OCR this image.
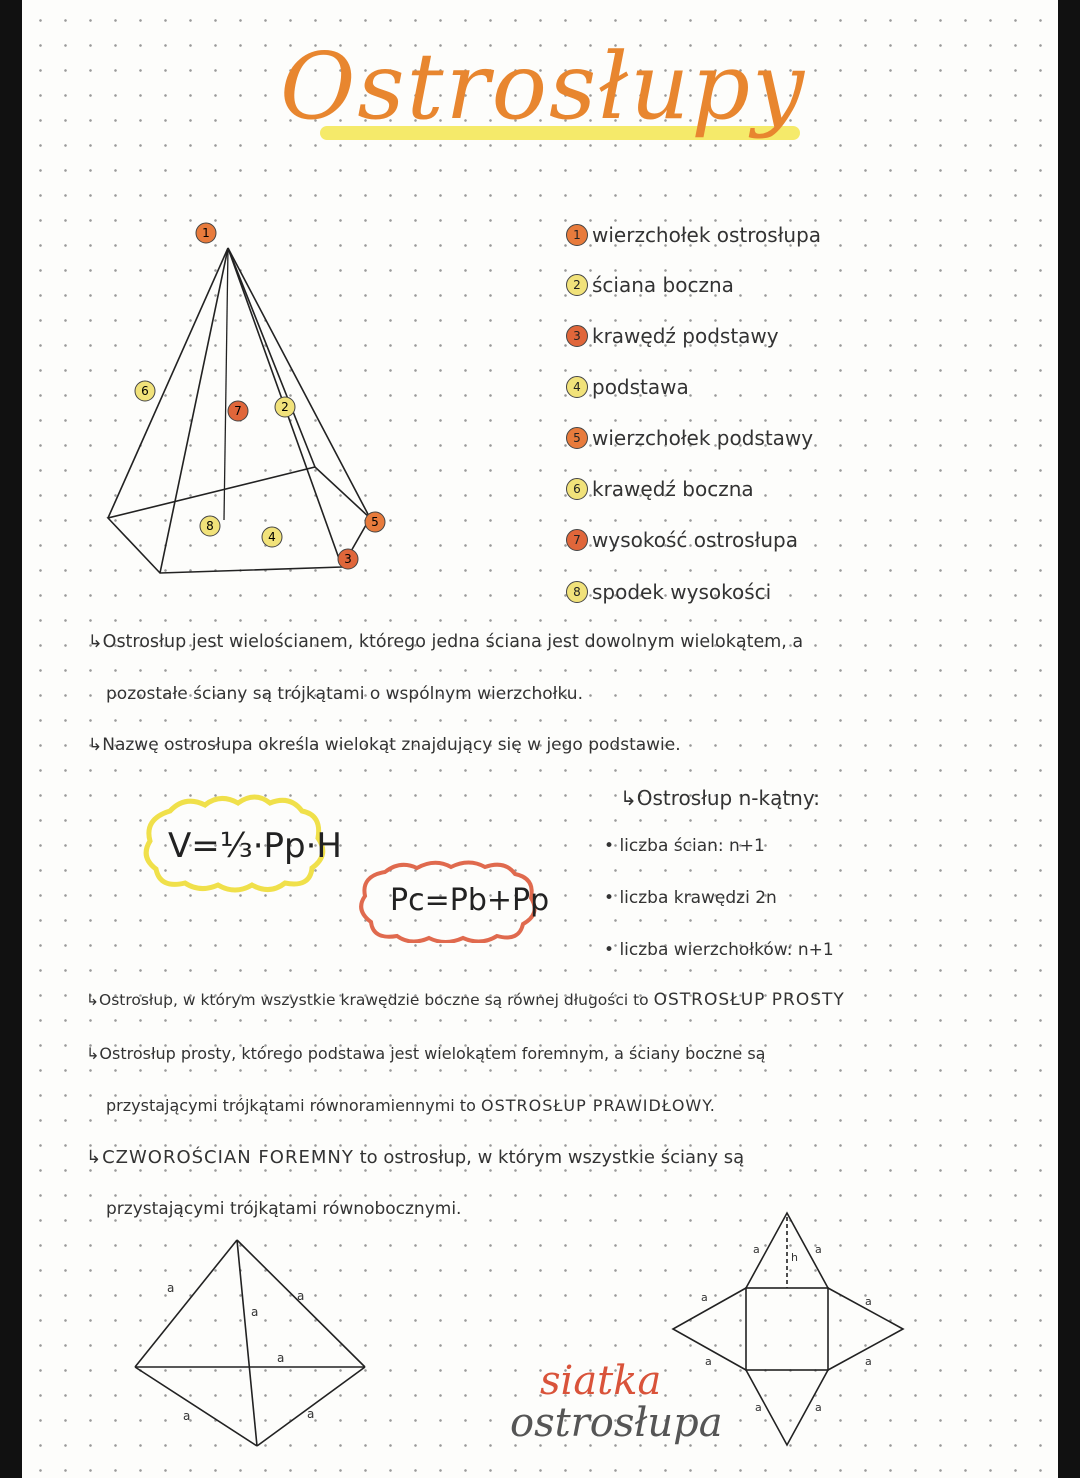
Ostrosłupy
1
2
3
4
5
6
7
8
1 wierzchołek ostrosłupa
2 ściana boczna
3 krawędź podstawy
4 podstawa
5 wierzchołek podstawy
6 krawędź boczna
7 wysokość ostrosłupa
8 spodek wysokości
↳Ostrosłup jest wielościanem, którego jedna ściana jest dowolnym wielokątem, a
pozostałe ściany są trójkątami o wspólnym wierzchołku.
↳Nazwę ostrosłupa określa wielokąt znajdujący się w jego podstawie.
V=⅓·Pp·H
Pc=Pb+Pp
↳Ostrosłup n-kątny:
• liczba ścian: n+1
• liczba krawędzi 2n
• liczba wierzchołków: n+1
↳Ostrosłup, w którym wszystkie krawędzie boczne są równej długości to OSTROSŁUP PROSTY
↳Ostrosłup prosty, którego podstawa jest wielokątem foremnym, a ściany boczne są
przystającymi trójkątami równoramiennymi to OSTROSŁUP PRAWIDŁOWY.
↳CZWOROŚCIAN FOREMNY to ostrosłup, w którym wszystkie ściany są
przystającymi trójkątami równobocznymi.
a
a
a
a
a	a
siatka
ostrosłupa
h
a	a
a	a
a	a
a	a
